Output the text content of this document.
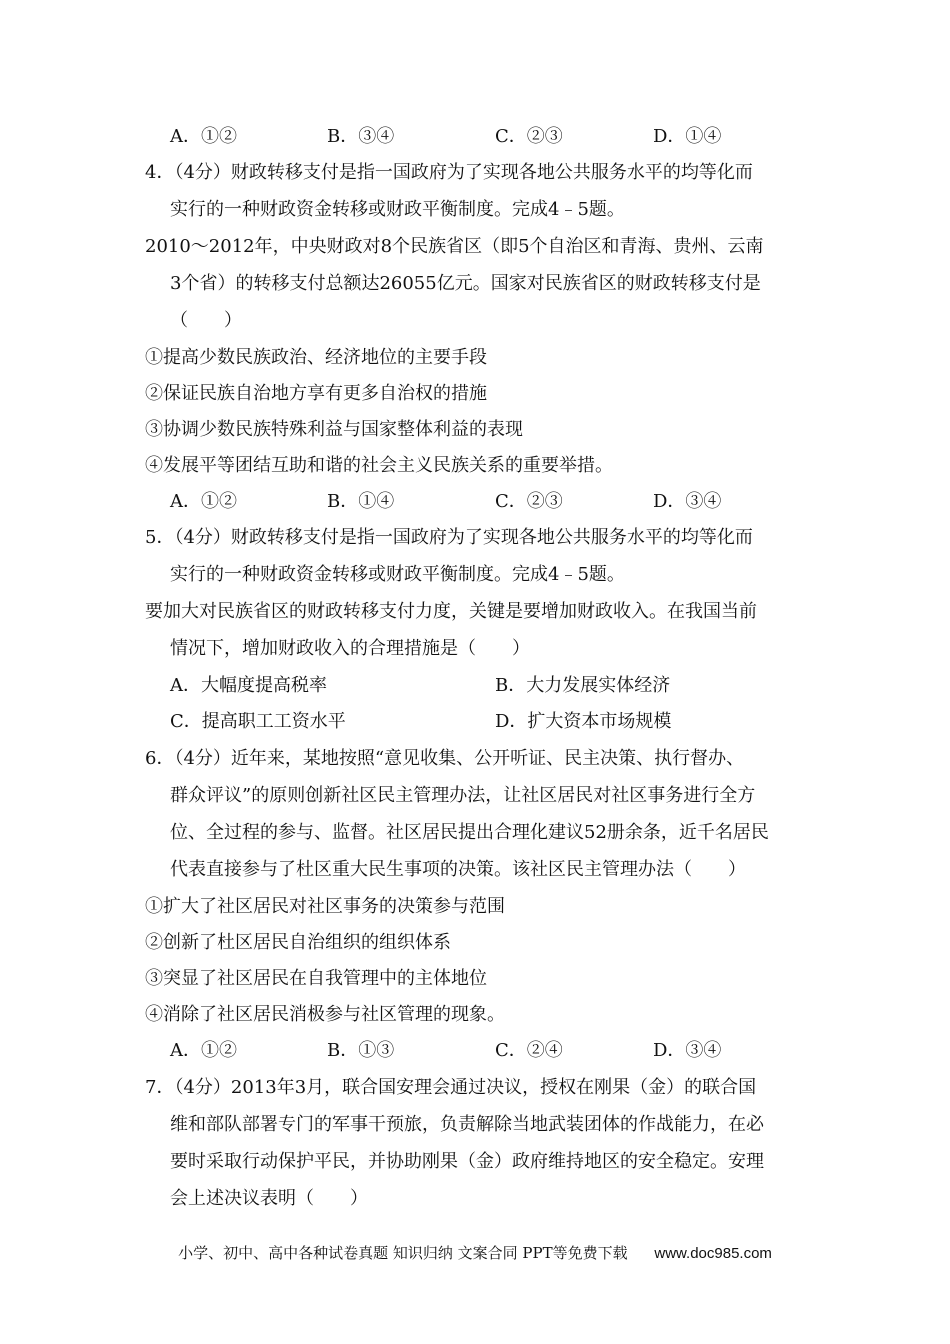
A．①②	B．③④	C．②③	D．①④
4．（4分）财政转移支付是指一国政府为了实现各地公共服务水平的均等化而
实行的一种财政资金转移或财政平衡制度。完成4﹣5题。
2010～2012年，中央财政对8个民族省区（即5个自治区和青海、贵州、云南
3个省）的转移支付总额达26055亿元。国家对民族省区的财政转移支付是
（　　）
①提高少数民族政治、经济地位的主要手段
②保证民族自治地方享有更多自治权的措施
③协调少数民族特殊利益与国家整体利益的表现
④发展平等团结互助和谐的社会主义民族关系的重要举措。
A．①②	B．①④	C．②③	D．③④
5．（4分）财政转移支付是指一国政府为了实现各地公共服务水平的均等化而
实行的一种财政资金转移或财政平衡制度。完成4﹣5题。
要加大对民族省区的财政转移支付力度，关键是要增加财政收入。在我国当前
情况下，增加财政收入的合理措施是（　　）
A．大幅度提高税率	B．大力发展实体经济
C．提高职工工资水平	D．扩大资本市场规模
6．（4分）近年来，某地按照“意见收集、公开听证、民主决策、执行督办、
群众评议”的原则创新社区民主管理办法，让社区居民对社区事务进行全方
位、全过程的参与、监督。社区居民提出合理化建议52册余条，近千名居民
代表直接参与了杜区重大民生事项的决策。该社区民主管理办法（　　）
①扩大了社区居民对社区事务的决策参与范围
②创新了杜区居民自治组织的组织体系
③突显了社区居民在自我管理中的主体地位
④消除了社区居民消极参与社区管理的现象。
A．①②	B．①③	C．②④	D．③④
7．（4分）2013年3月，联合国安理会通过决议，授权在刚果（金）的联合国
维和部队部署专门的军事干预旅，负责解除当地武装团体的作战能力，在必
要时采取行动保护平民，并协助刚果（金）政府维持地区的安全稳定。安理
会上述决议表明（　　）
小学、初中、高中各种试卷真题 知识归纳 文案合同 PPT等免费下载 www.doc985.com
